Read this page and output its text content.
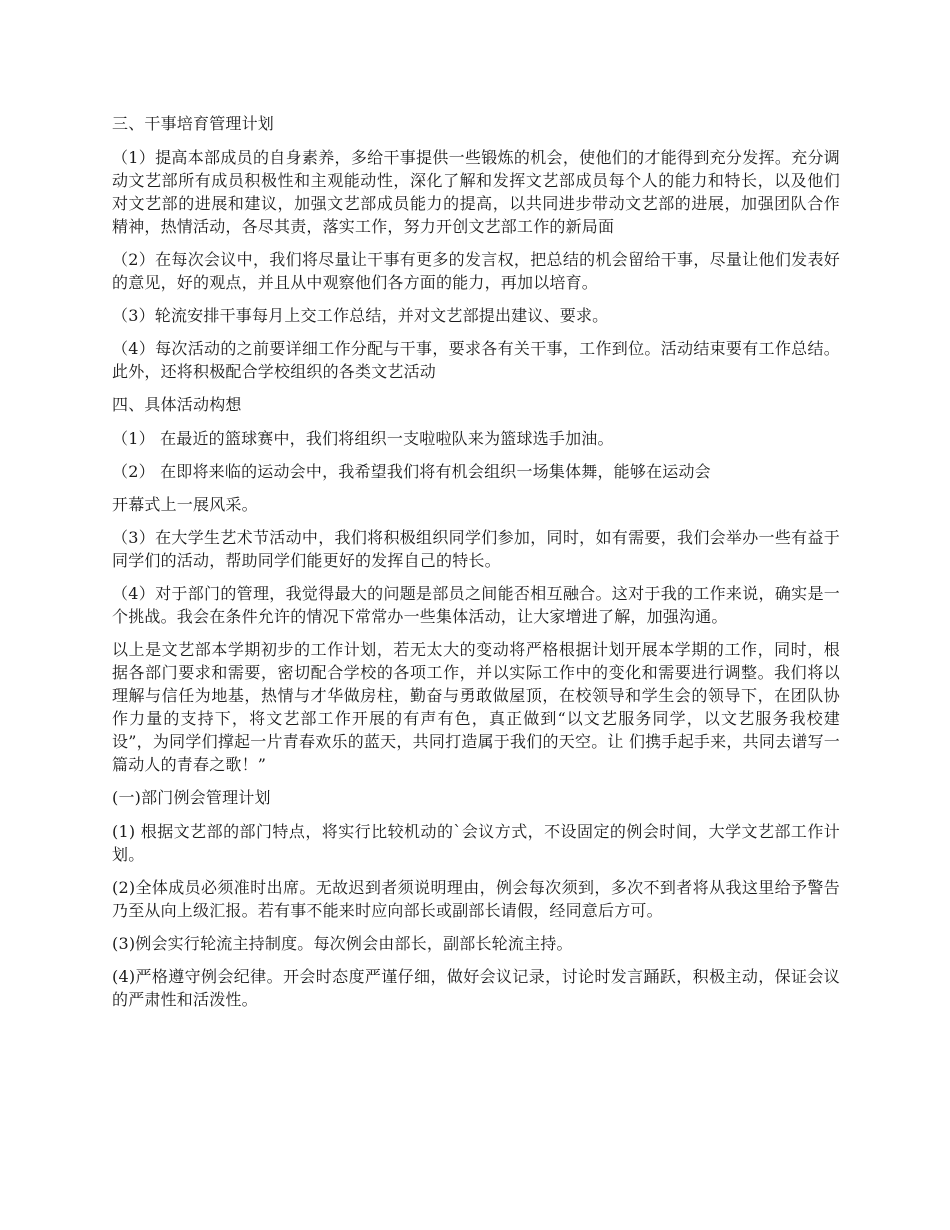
三、干事培育管理计划

（1）提高本部成员的自身素养，多给干事提供一些锻炼的机会，使他们的才能得到充分发挥。充分调动文艺部所有成员积极性和主观能动性，深化了解和发挥文艺部成员每个人的能力和特长，以及他们对文艺部的进展和建议，加强文艺部成员能力的提高，以共同进步带动文艺部的进展，加强团队合作精神，热情活动，各尽其责，落实工作，努力开创文艺部工作的新局面

（2）在每次会议中，我们将尽量让干事有更多的发言权，把总结的机会留给干事，尽量让他们发表好的意见，好的观点，并且从中观察他们各方面的能力，再加以培育。

（3）轮流安排干事每月上交工作总结，并对文艺部提出建议、要求。

（4）每次活动的之前要详细工作分配与干事，要求各有关干事，工作到位。活动结束要有工作总结。此外，还将积极配合学校组织的各类文艺活动

四、具体活动构想

（1） 在最近的篮球赛中，我们将组织一支啦啦队来为篮球选手加油。

（2） 在即将来临的运动会中，我希望我们将有机会组织一场集体舞，能够在运动会

开幕式上一展风采。

（3）在大学生艺术节活动中，我们将积极组织同学们参加，同时，如有需要，我们会举办一些有益于同学们的活动，帮助同学们能更好的发挥自己的特长。

（4）对于部门的管理，我觉得最大的问题是部员之间能否相互融合。这对于我的工作来说，确实是一个挑战。我会在条件允许的情况下常常办一些集体活动，让大家增进了解，加强沟通。

以上是文艺部本学期初步的工作计划，若无太大的变动将严格根据计划开展本学期的工作，同时，根据各部门要求和需要，密切配合学校的各项工作，并以实际工作中的变化和需要进行调整。我们将以理解与信任为地基，热情与才华做房柱，勤奋与勇敢做屋顶，在校领导和学生会的领导下，在团队协作力量的支持下，将文艺部工作开展的有声有色，真正做到“以文艺服务同学，以文艺服务我校建设”，为同学们撑起一片青春欢乐的蓝天，共同打造属于我们的天空。让 们携手起手来，共同去谱写一篇动人的青春之歌！”

(一)部门例会管理计划

(1) 根据文艺部的部门特点，将实行比较机动的`会议方式，不设固定的例会时间，大学文艺部工作计划。

(2)全体成员必须准时出席。无故迟到者须说明理由，例会每次须到，多次不到者将从我这里给予警告乃至从向上级汇报。若有事不能来时应向部长或副部长请假，经同意后方可。

(3)例会实行轮流主持制度。每次例会由部长，副部长轮流主持。

(4)严格遵守例会纪律。开会时态度严谨仔细，做好会议记录，讨论时发言踊跃，积极主动，保证会议的严肃性和活泼性。
